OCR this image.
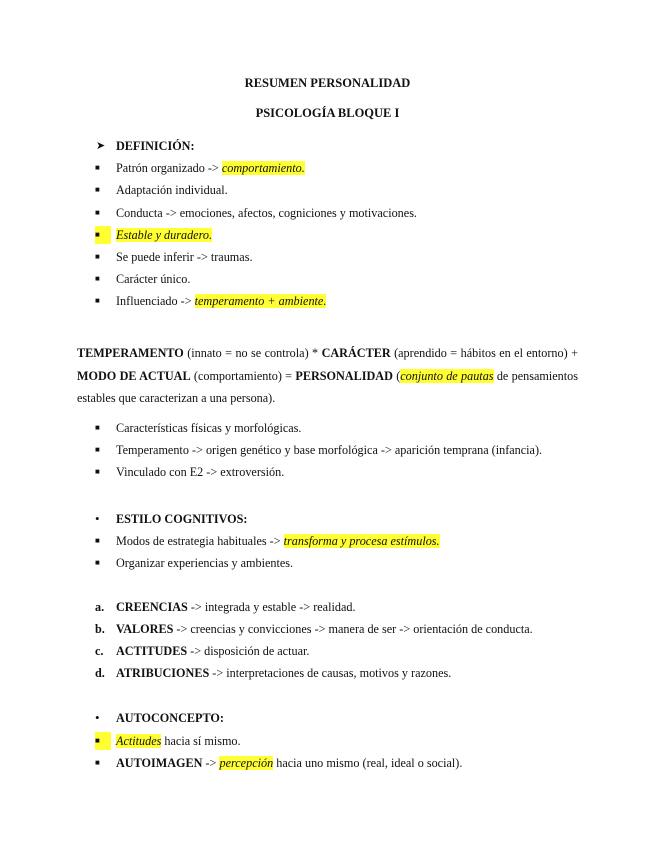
RESUMEN PERSONALIDAD
PSICOLOGÍA BLOQUE I
➤ DEFINICIÓN:
■	Patrón organizado -> comportamiento.
■	Adaptación individual.
■	Conducta -> emociones, afectos, cogniciones y motivaciones.
■	Estable y duradero.
■	Se puede inferir -> traumas.
■	Carácter único.
■	Influenciado -> temperamento + ambiente.
TEMPERAMENTO (innato = no se controla) * CARÁCTER (aprendido = hábitos en el entorno) + MODO DE ACTUAL (comportamiento) = PERSONALIDAD (conjunto de pautas de pensamientos estables que caracterizan a una persona).
■	Características físicas y morfológicas.
■	Temperamento -> origen genético y base morfológica -> aparición temprana (infancia).
■	Vinculado con E2 -> extroversión.
•	ESTILO COGNITIVOS:
■	Modos de estrategia habituales -> transforma y procesa estímulos.
■	Organizar experiencias y ambientes.
a. CREENCIAS -> integrada y estable -> realidad.
b. VALORES -> creencias y convicciones -> manera de ser -> orientación de conducta.
c.	ACTITUDES -> disposición de actuar.
d. ATRIBUCIONES -> interpretaciones de causas, motivos y razones.
•	AUTOCONCEPTO:
■	Actitudes hacia sí mismo.
■	AUTOIMAGEN -> percepción hacia uno mismo (real, ideal o social).
